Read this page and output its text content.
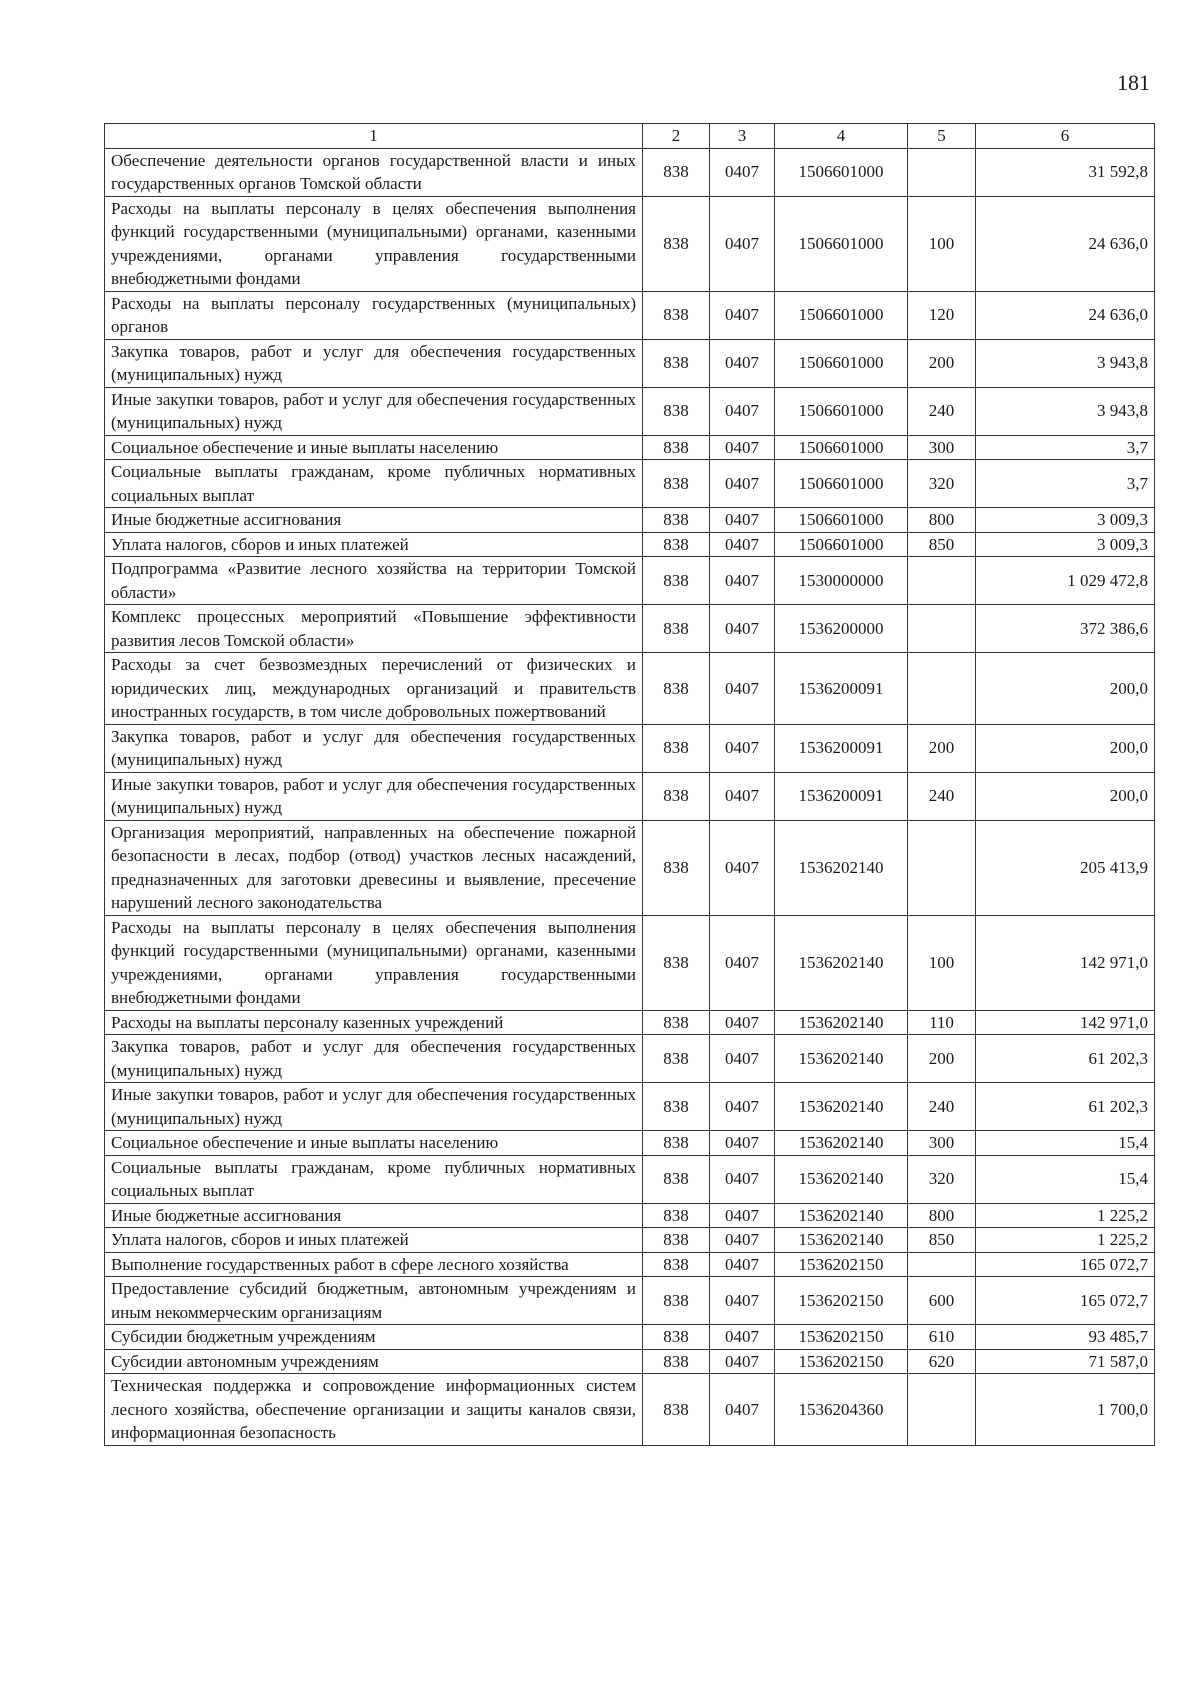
181
1	2	3	4	5	6
Обеспечение деятельности органов государственной власти и иных государственных органов Томской области	838	0407	1506601000		31 592,8
Расходы на выплаты персоналу в целях обеспечения выполнения функций государственными (муниципальными) органами, казенными учреждениями, органами управления государственными внебюджетными фондами	838	0407	1506601000	100	24 636,0
Расходы на выплаты персоналу государственных (муниципальных) органов	838	0407	1506601000	120	24 636,0
Закупка товаров, работ и услуг для обеспечения государственных (муниципальных) нужд	838	0407	1506601000	200	3 943,8
Иные закупки товаров, работ и услуг для обеспечения государственных (муниципальных) нужд	838	0407	1506601000	240	3 943,8
Социальное обеспечение и иные выплаты населению	838	0407	1506601000	300	3,7
Социальные выплаты гражданам, кроме публичных нормативных социальных выплат	838	0407	1506601000	320	3,7
Иные бюджетные ассигнования	838	0407	1506601000	800	3 009,3
Уплата налогов, сборов и иных платежей	838	0407	1506601000	850	3 009,3
Подпрограмма «Развитие лесного хозяйства на территории Томской области»	838	0407	1530000000		1 029 472,8
Комплекс процессных мероприятий «Повышение эффективности развития лесов Томской области»	838	0407	1536200000		372 386,6
Расходы за счет безвозмездных перечислений от физических и юридических лиц, международных организаций и правительств иностранных государств, в том числе добровольных пожертвований	838	0407	1536200091		200,0
Закупка товаров, работ и услуг для обеспечения государственных (муниципальных) нужд	838	0407	1536200091	200	200,0
Иные закупки товаров, работ и услуг для обеспечения государственных (муниципальных) нужд	838	0407	1536200091	240	200,0
Организация мероприятий, направленных на обеспечение пожарной безопасности в лесах, подбор (отвод) участков лесных насаждений, предназначенных для заготовки древесины и выявление, пресечение нарушений лесного законодательства	838	0407	1536202140		205 413,9
Расходы на выплаты персоналу в целях обеспечения выполнения функций государственными (муниципальными) органами, казенными учреждениями, органами управления государственными внебюджетными фондами	838	0407	1536202140	100	142 971,0
Расходы на выплаты персоналу казенных учреждений	838	0407	1536202140	110	142 971,0
Закупка товаров, работ и услуг для обеспечения государственных (муниципальных) нужд	838	0407	1536202140	200	61 202,3
Иные закупки товаров, работ и услуг для обеспечения государственных (муниципальных) нужд	838	0407	1536202140	240	61 202,3
Социальное обеспечение и иные выплаты населению	838	0407	1536202140	300	15,4
Социальные выплаты гражданам, кроме публичных нормативных социальных выплат	838	0407	1536202140	320	15,4
Иные бюджетные ассигнования	838	0407	1536202140	800	1 225,2
Уплата налогов, сборов и иных платежей	838	0407	1536202140	850	1 225,2
Выполнение государственных работ в сфере лесного хозяйства	838	0407	1536202150		165 072,7
Предоставление субсидий бюджетным, автономным учреждениям и иным некоммерческим организациям	838	0407	1536202150	600	165 072,7
Субсидии бюджетным учреждениям	838	0407	1536202150	610	93 485,7
Субсидии автономным учреждениям	838	0407	1536202150	620	71 587,0
Техническая поддержка и сопровождение информационных систем лесного хозяйства, обеспечение организации и защиты каналов связи, информационная безопасность	838	0407	1536204360		1 700,0
